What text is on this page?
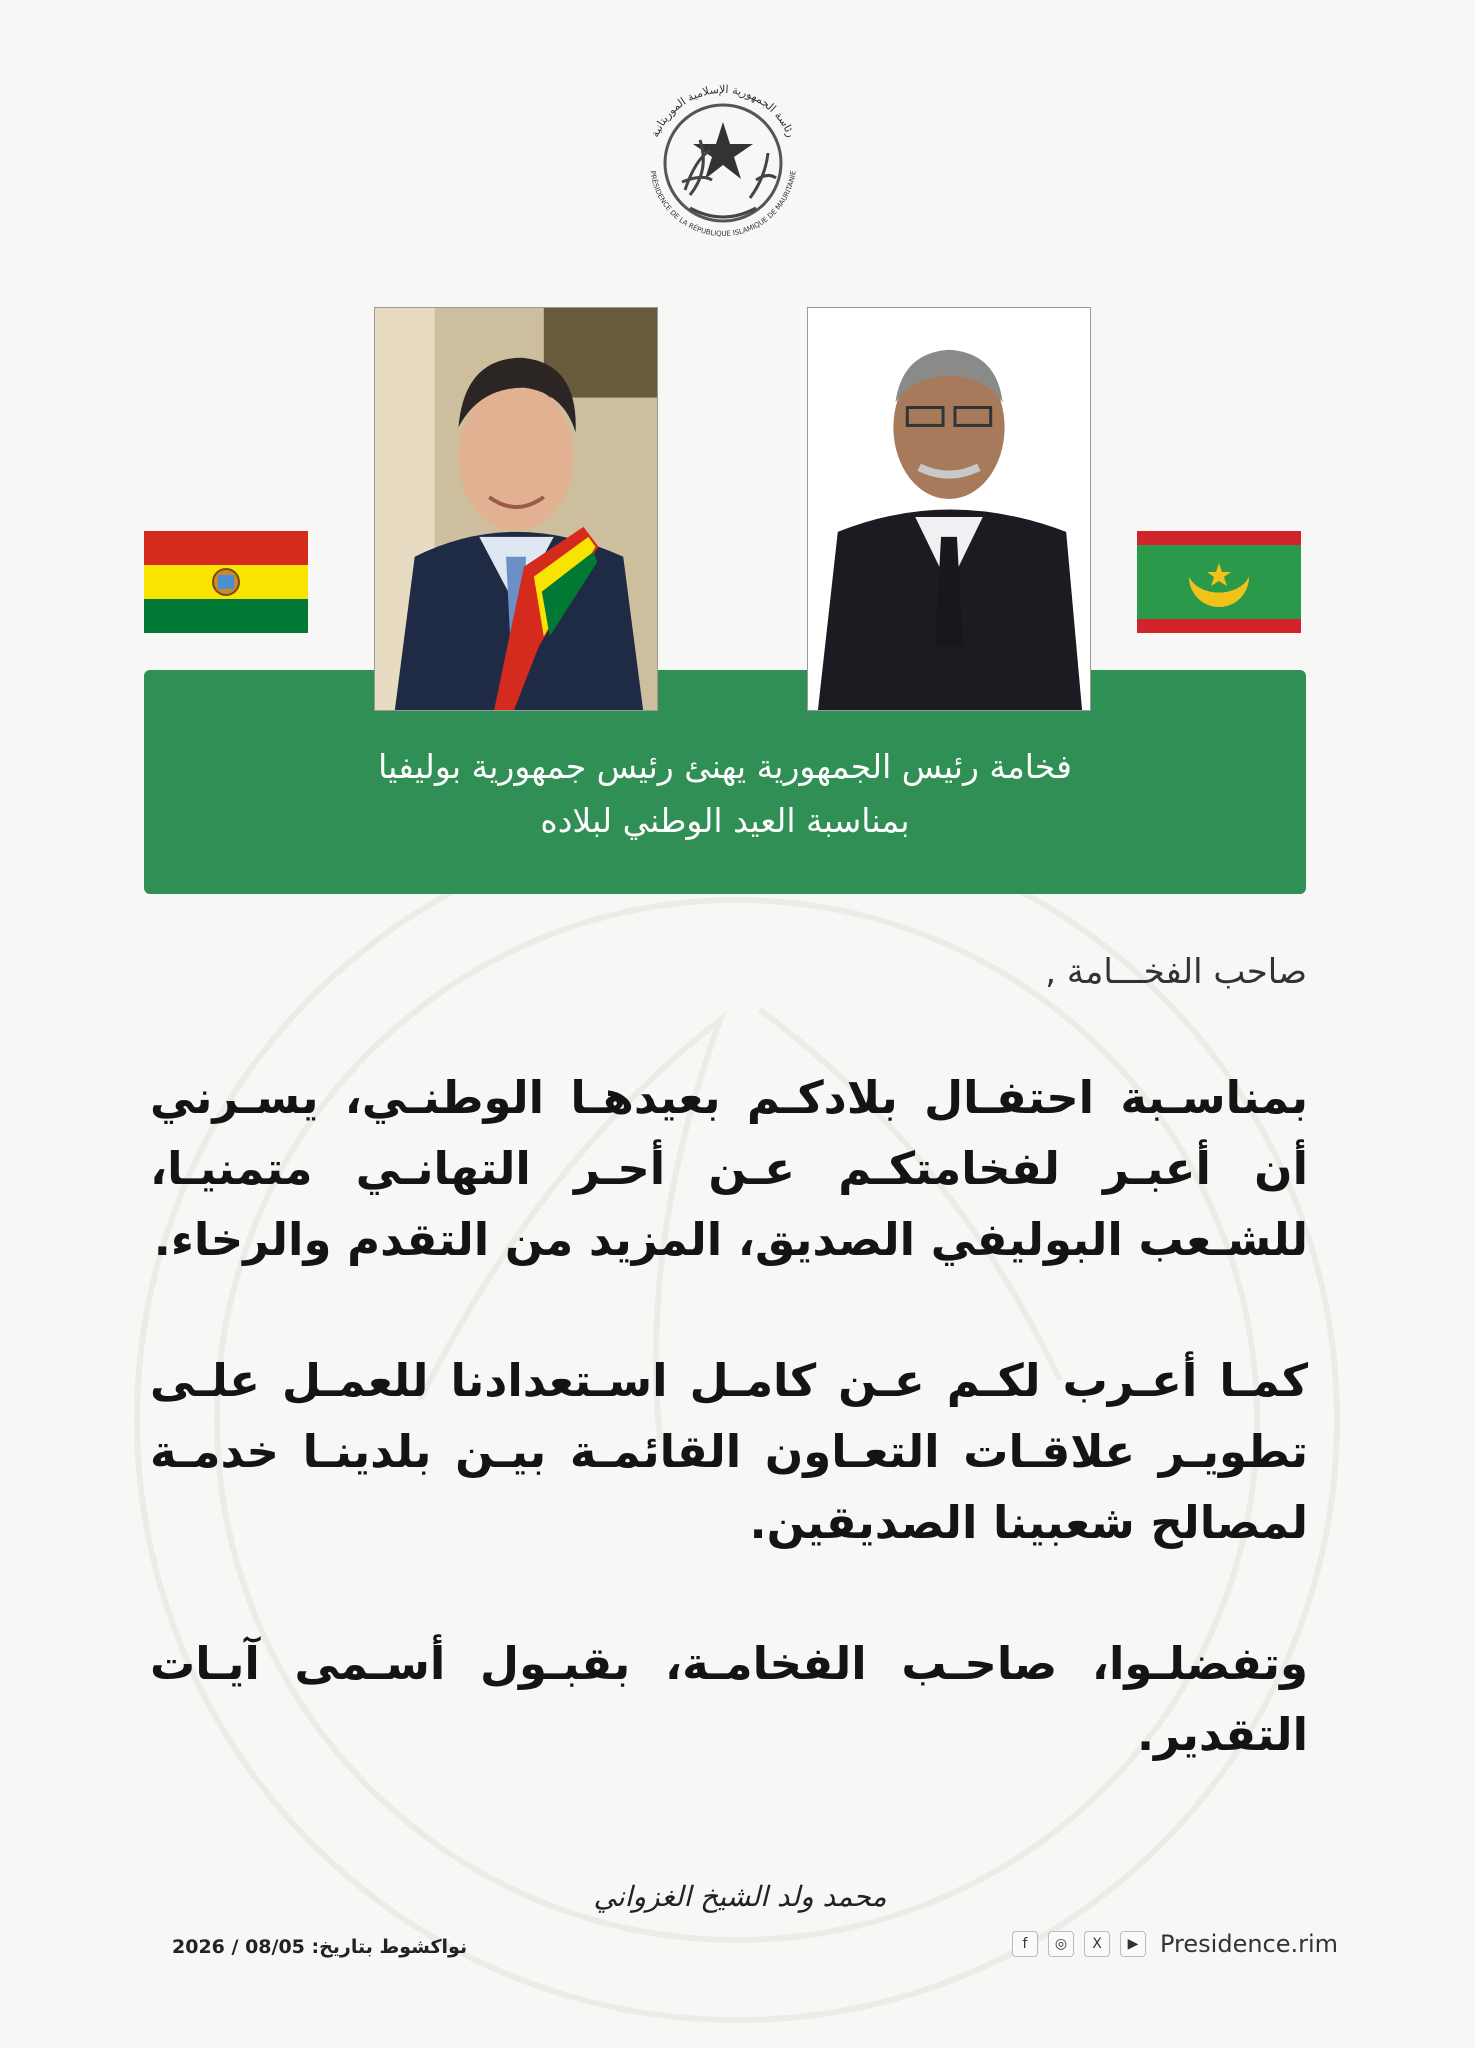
رئاسة الجمهورية الإسلامية الموريتانية
PRÉSIDENCE DE LA RÉPUBLIQUE ISLAMIQUE DE MAURITANIE
فخامة رئيس الجمهورية يهنئ رئيس جمهورية بوليفيا
بمناسبة العيد الوطني لبلاده
صاحب الفخـــامة ,
بمناسـبة احتفـال بلادكـم بعيدهـا الوطنـي، يسـرني أن أعبـر لفخامتكـم عـن أحـر التهانـي متمنيـا، للشـعب البوليفي الصديق، المزيد من التقدم والرخاء.
كمـا أعـرب لكـم عـن كامـل اسـتعدادنا للعمـل علـى تطويـر علاقـات التعـاون القائمـة بيـن بلدينـا خدمـة لمصالح شعبينا الصديقين.
وتفضلـوا، صاحـب الفخامـة، بقبـول أسـمى آيـات التقدير.
محمد ولد الشيخ الغزواني
نواكشوط بتاريخ: 08/05 / 2026	f	◎	X	▶ Presidence.rim
